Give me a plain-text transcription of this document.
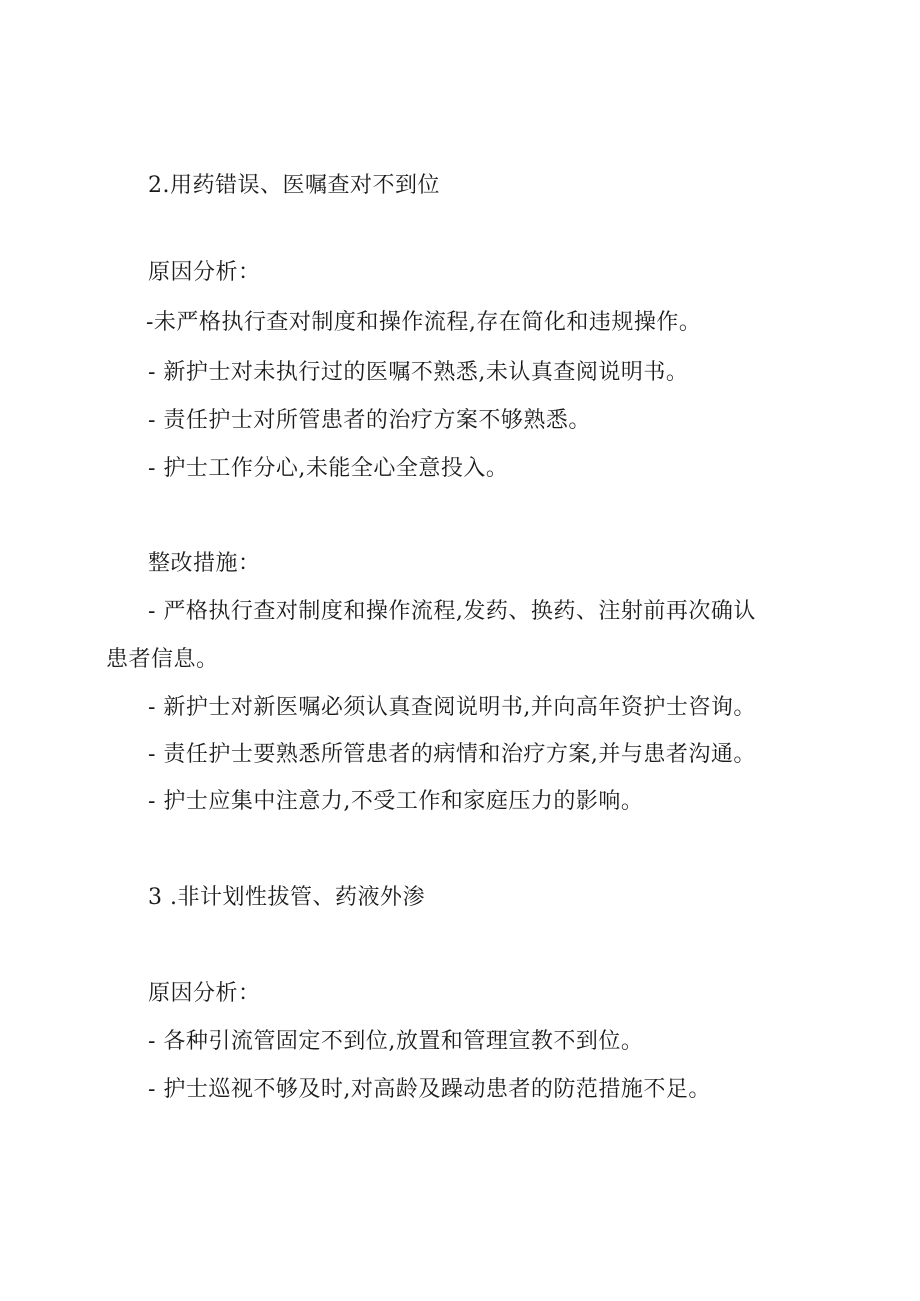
2.用药错误、医嘱查对不到位
原因分析：
-未严格执行查对制度和操作流程,存在简化和违规操作。
- 新护士对未执行过的医嘱不熟悉,未认真查阅说明书。
- 责任护士对所管患者的治疗方案不够熟悉。
- 护士工作分心,未能全心全意投入。
整改措施：
- 严格执行查对制度和操作流程,发药、换药、注射前再次确认
患者信息。
- 新护士对新医嘱必须认真查阅说明书,并向高年资护士咨询。
- 责任护士要熟悉所管患者的病情和治疗方案,并与患者沟通。
- 护士应集中注意力,不受工作和家庭压力的影响。
3 .非计划性拔管、药液外渗
原因分析：
- 各种引流管固定不到位,放置和管理宣教不到位。
- 护士巡视不够及时,对高龄及躁动患者的防范措施不足。
